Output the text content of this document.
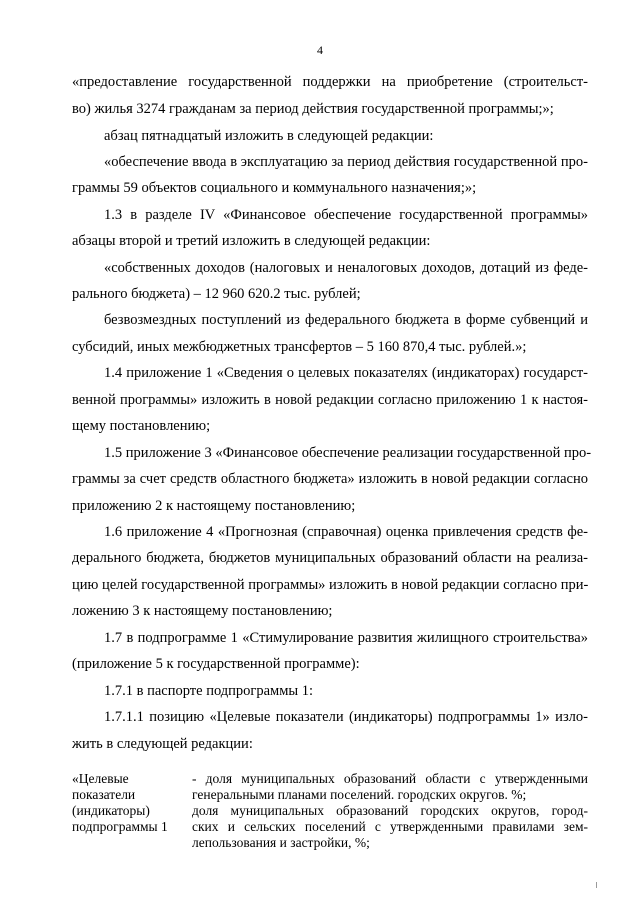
4
«предоставление государственной поддержки на приобретение (строительст-
во) жилья 3274 гражданам за период действия государственной программы;»;
абзац пятнадцатый изложить в следующей редакции:
«обеспечение ввода в эксплуатацию за период действия государственной про-
граммы 59 объектов социального и коммунального назначения;»;
1.3 в разделе IV «Финансовое обеспечение государственной программы»
абзацы второй и третий изложить в следующей редакции:
«собственных доходов (налоговых и неналоговых доходов, дотаций из феде-
рального бюджета) – 12 960 620.2 тыс. рублей;
безвозмездных поступлений из федерального бюджета в форме субвенций и
субсидий, иных межбюджетных трансфертов – 5 160 870,4 тыс. рублей.»;
1.4 приложение 1 «Сведения о целевых показателях (индикаторах) государст-
венной программы» изложить в новой редакции согласно приложению 1 к настоя-
щему постановлению;
1.5 приложение 3 «Финансовое обеспечение реализации государственной про-
граммы за счет средств областного бюджета» изложить в новой редакции согласно
приложению 2 к настоящему постановлению;
1.6 приложение 4 «Прогнозная (справочная) оценка привлечения средств фе-
дерального бюджета, бюджетов муниципальных образований области на реализа-
цию целей государственной программы» изложить в новой редакции согласно при-
ложению 3 к настоящему постановлению;
1.7 в подпрограмме 1 «Стимулирование развития жилищного строительства»
(приложение 5 к государственной программе):
1.7.1 в паспорте подпрограммы 1:
1.7.1.1 позицию «Целевые показатели (индикаторы) подпрограммы 1» изло-
жить в следующей редакции:
«Целевые
показатели
(индикаторы)
подпрограммы 1
- доля муниципальных образований области с утвержденными
генеральными планами поселений. городских округов. %;
доля муниципальных образований городских округов, город-
ских и сельских поселений с утвержденными правилами зем-
лепользования и застройки, %;
